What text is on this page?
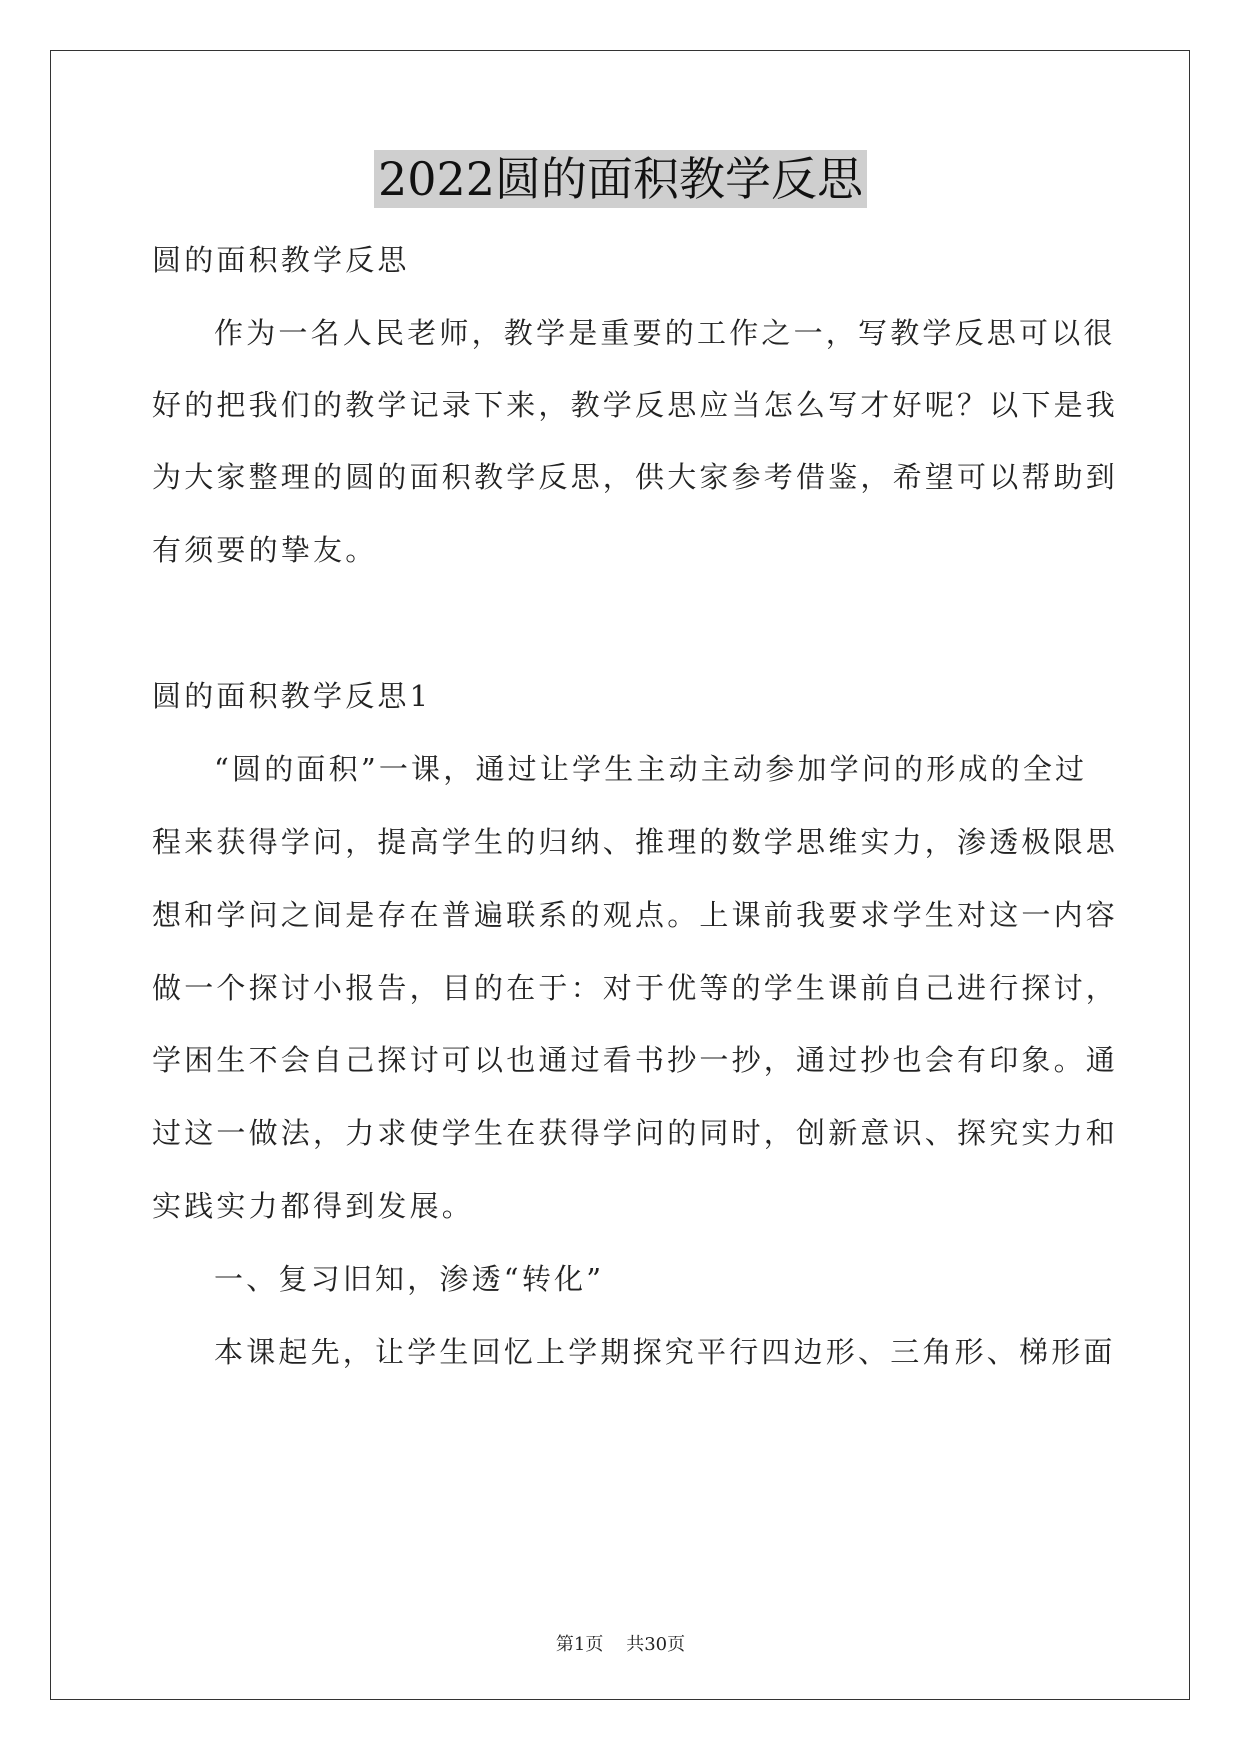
2022圆的面积教学反思
圆的面积教学反思
作为一名人民老师，教学是重要的工作之一，写教学反思可以很
好的把我们的教学记录下来，教学反思应当怎么写才好呢？以下是我
为大家整理的圆的面积教学反思，供大家参考借鉴，希望可以帮助到
有须要的挚友。
圆的面积教学反思1
“圆的面积”一课，通过让学生主动主动参加学问的形成的全过
程来获得学问，提高学生的归纳、推理的数学思维实力，渗透极限思
想和学问之间是存在普遍联系的观点。上课前我要求学生对这一内容
做一个探讨小报告，目的在于：对于优等的学生课前自己进行探讨，
学困生不会自己探讨可以也通过看书抄一抄，通过抄也会有印象。通
过这一做法，力求使学生在获得学问的同时，创新意识、探究实力和
实践实力都得到发展。
一、复习旧知，渗透“转化”
本课起先，让学生回忆上学期探究平行四边形、三角形、梯形面
第1页    共30页
